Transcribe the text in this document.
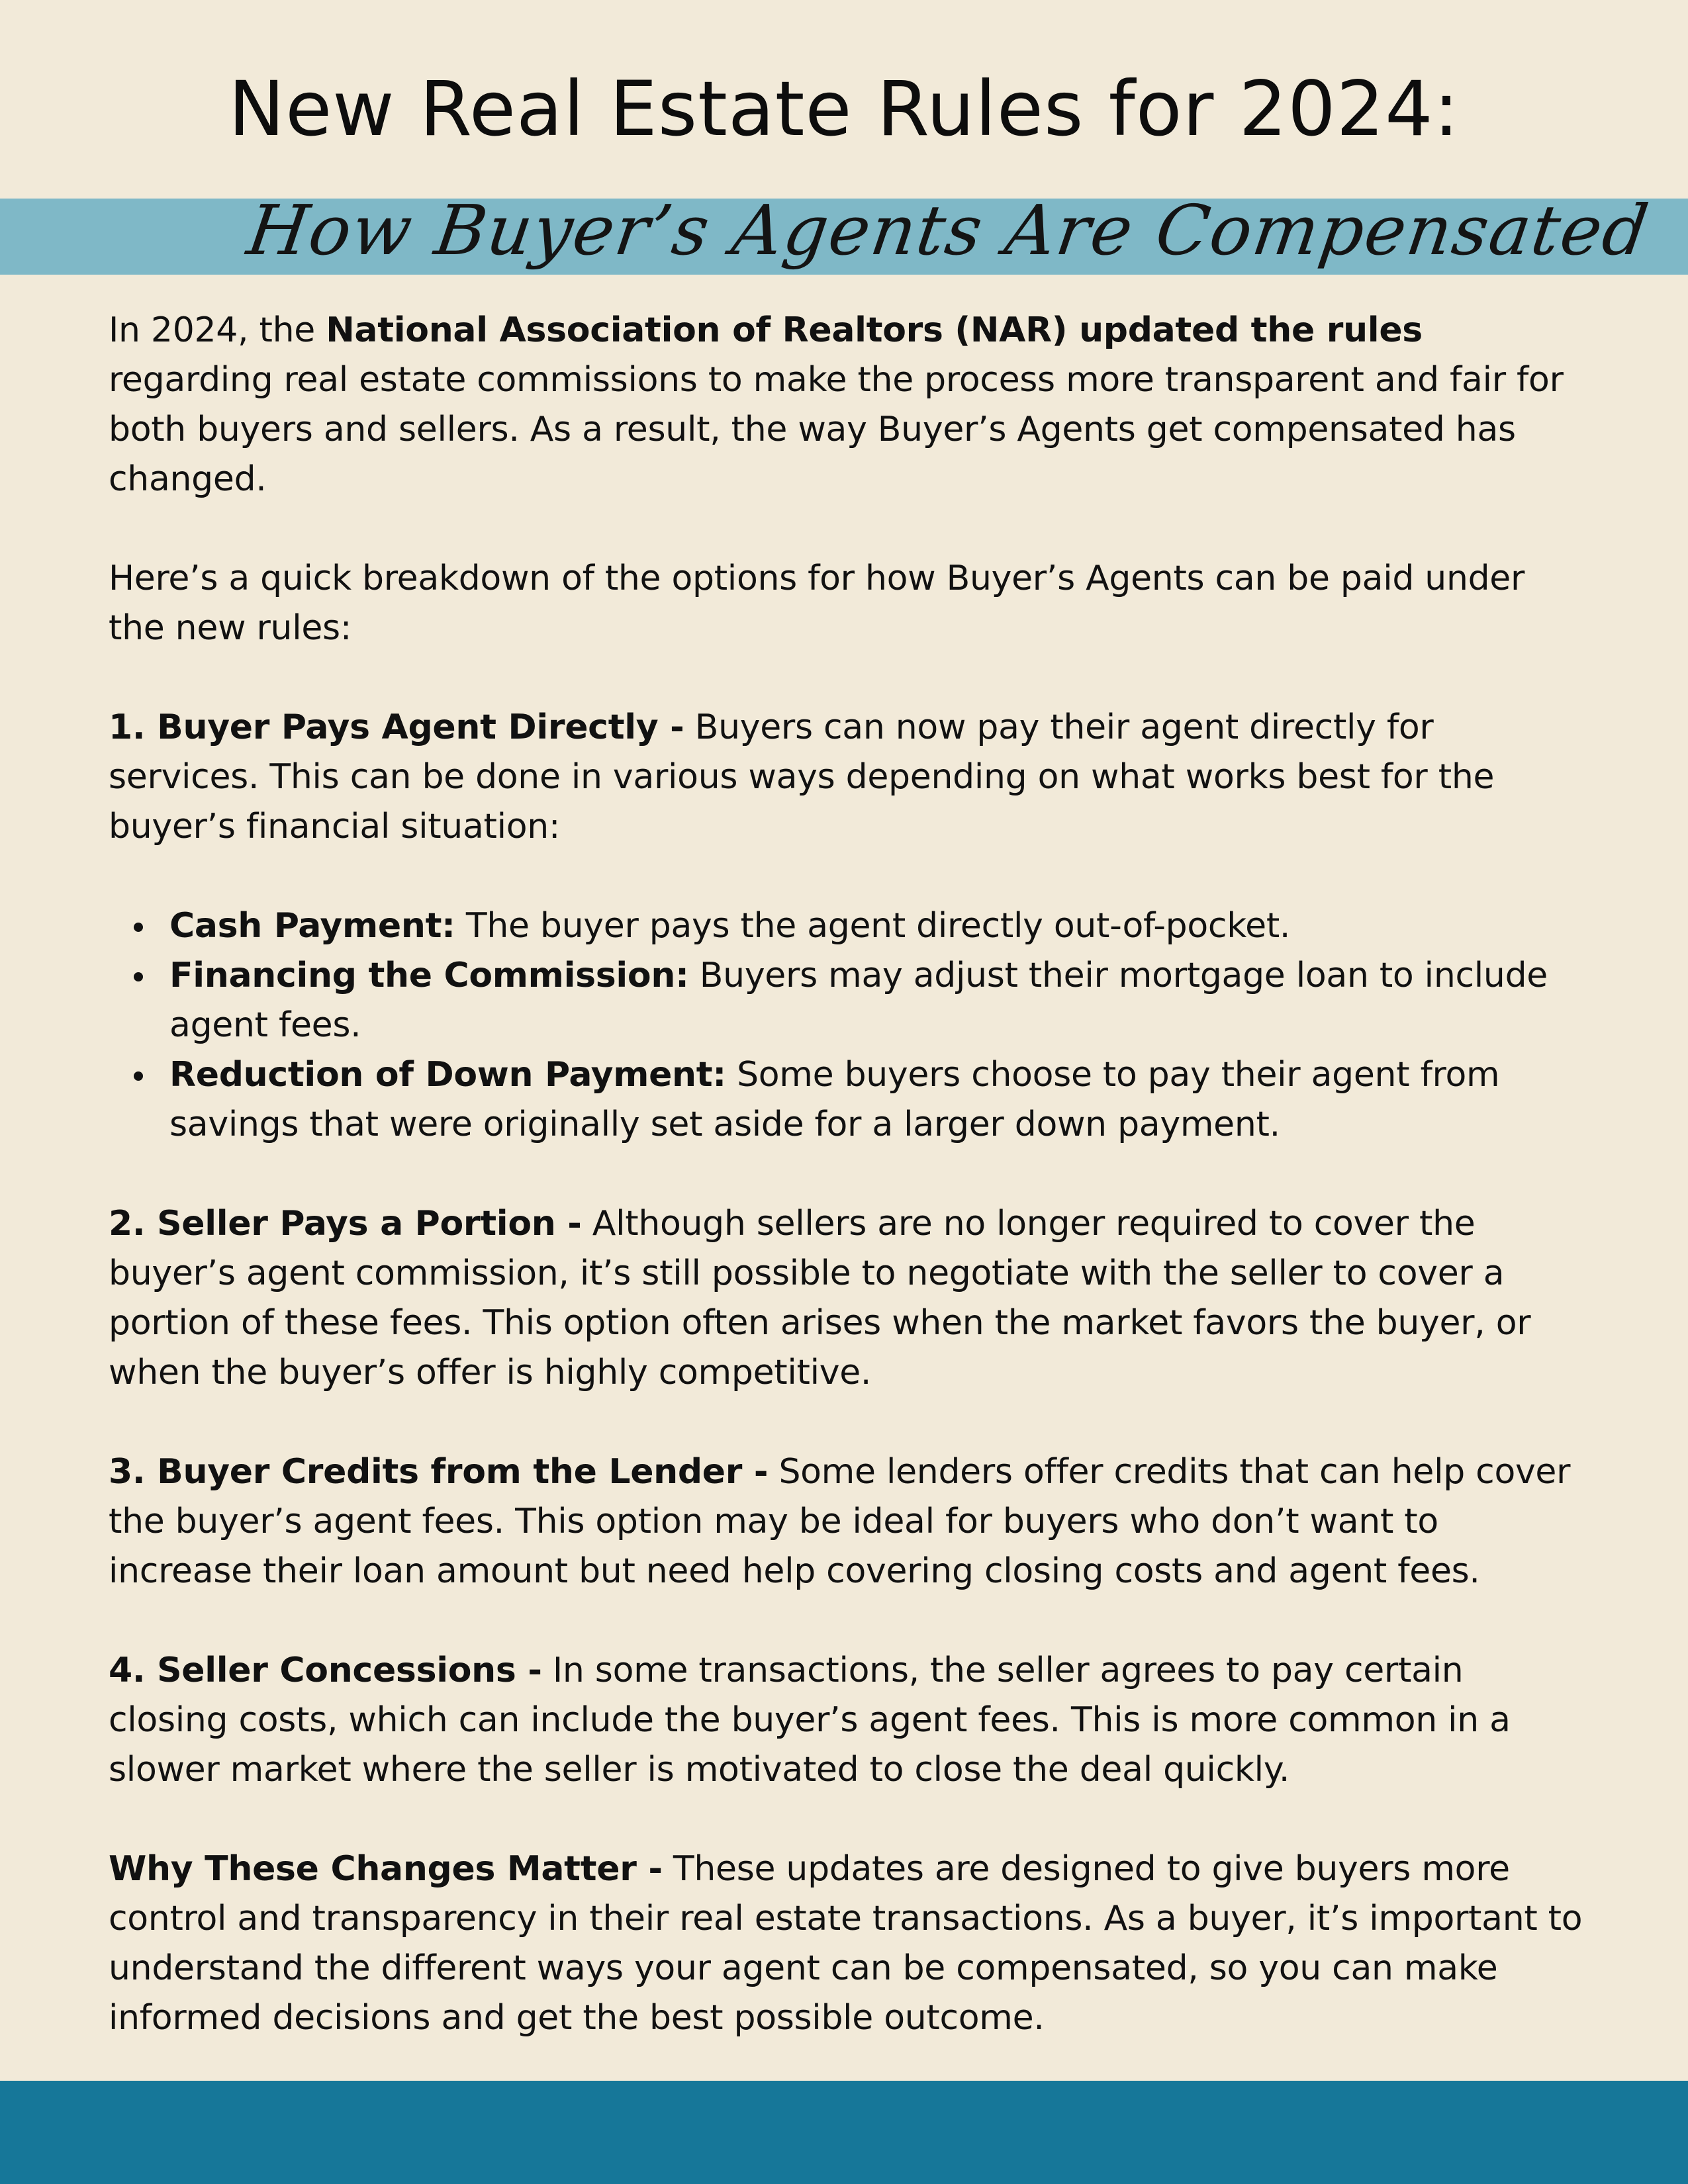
New Real Estate Rules for 2024:
How Buyer’s Agents Are Compensated

In 2024, the National Association of Realtors (NAR) updated the rules regarding real estate commissions to make the process more transparent and fair for both buyers and sellers. As a result, the way Buyer’s Agents get compensated has changed.

Here’s a quick breakdown of the options for how Buyer’s Agents can be paid under the new rules:

1. Buyer Pays Agent Directly - Buyers can now pay their agent directly for services. This can be done in various ways depending on what works best for the buyer’s financial situation:

Cash Payment: The buyer pays the agent directly out-of-pocket.
Financing the Commission: Buyers may adjust their mortgage loan to include agent fees.
Reduction of Down Payment: Some buyers choose to pay their agent from savings that were originally set aside for a larger down payment.

2. Seller Pays a Portion - Although sellers are no longer required to cover the buyer’s agent commission, it’s still possible to negotiate with the seller to cover a portion of these fees. This option often arises when the market favors the buyer, or when the buyer’s offer is highly competitive.

3. Buyer Credits from the Lender - Some lenders offer credits that can help cover the buyer’s agent fees. This option may be ideal for buyers who don’t want to increase their loan amount but need help covering closing costs and agent fees.

4. Seller Concessions - In some transactions, the seller agrees to pay certain closing costs, which can include the buyer’s agent fees. This is more common in a slower market where the seller is motivated to close the deal quickly.

Why These Changes Matter - These updates are designed to give buyers more control and transparency in their real estate transactions. As a buyer, it’s important to understand the different ways your agent can be compensated, so you can make informed decisions and get the best possible outcome.
